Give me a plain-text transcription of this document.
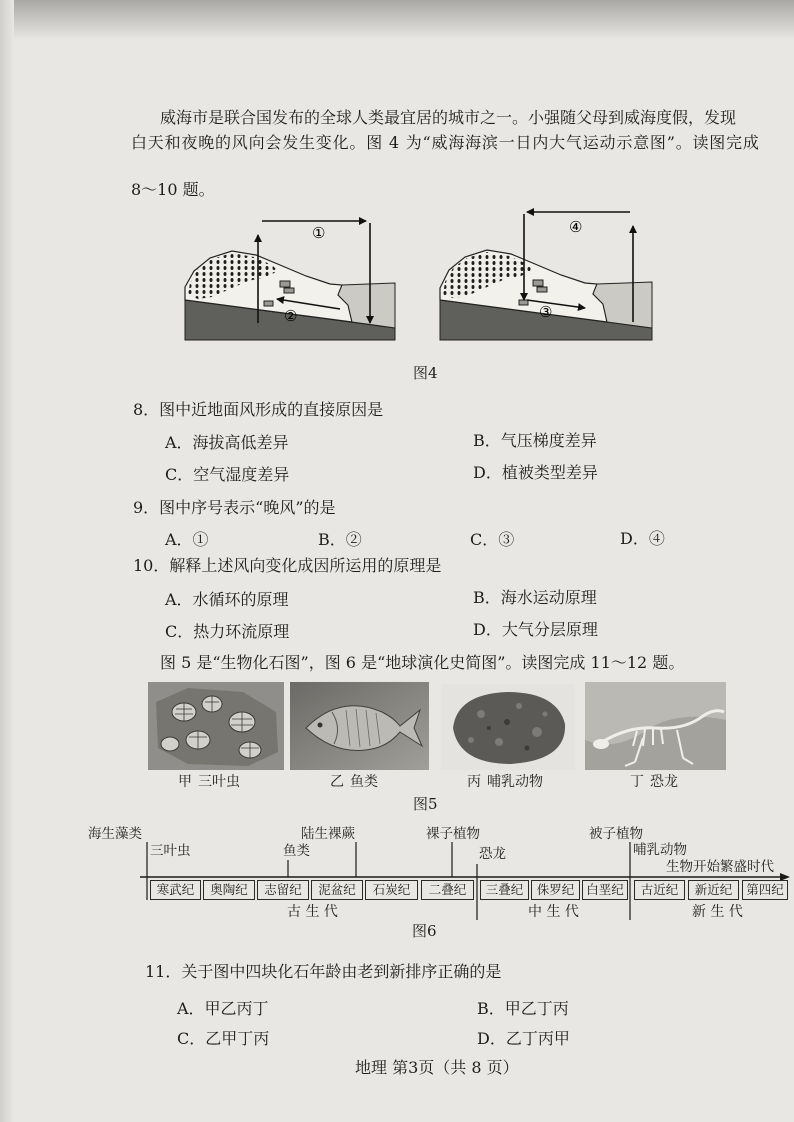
威海市是联合国发布的全球人类最宜居的城市之一。小强随父母到威海度假，发现
白天和夜晚的风向会发生变化。图 4 为“威海海滨一日内大气运动示意图”。读图完成
8～10 题。
①
②	③
④
图4
8．图中近地面风形成的直接原因是
A．海拔高低差异	B．气压梯度差异
C．空气湿度差异	D．植被类型差异
9．图中序号表示“晚风”的是
A．①	B．②	C．③	D．④
10．解释上述风向变化成因所运用的原理是
A．水循环的原理	B．海水运动原理
C．热力环流原理	D．大气分层原理
图 5 是“生物化石图”，图 6 是“地球演化史简图”。读图完成 11～12 题。
甲 三叶虫	乙 鱼类	丙 哺乳动物	丁 恐龙
图5
海生藻类
三叶虫
陆生裸蕨
鱼类
裸子植物
恐龙
被子植物
哺乳动物
生物开始繁盛时代
寒武纪	奥陶纪	志留纪	泥盆纪	石炭纪	二叠纪	三叠纪	侏罗纪 白垩纪	古近纪	新近纪	第四纪
古 生 代	中 生 代	新 生 代
图6
11．关于图中四块化石年龄由老到新排序正确的是
A．甲乙丙丁	B．甲乙丁丙
C．乙甲丁丙	D．乙丁丙甲
地理 第3页（共 8 页）
